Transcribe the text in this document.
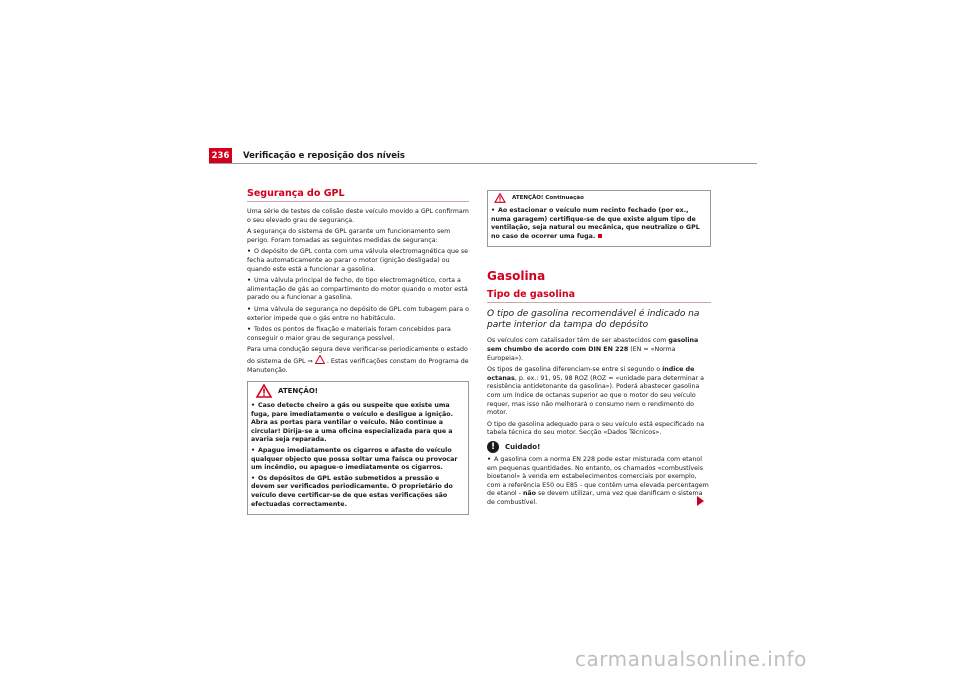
236	Verificação e reposição dos níveis
Segurança do GPL

Uma série de testes de colisão deste veículo movido a GPL confirmam o seu elevado grau de segurança.

A segurança do sistema de GPL garante um funcionamento sem perigo. Foram tomadas as seguintes medidas de segurança:

• O depósito de GPL conta com uma válvula electromagnética que se fecha automaticamente ao parar o motor (ignição desligada) ou quando este está a funcionar a gasolina.

• Uma válvula principal de fecho, do tipo electromagnético, corta a alimentação de gás ao compartimento do motor quando o motor está parado ou a funcionar a gasolina.

• Uma válvula de segurança no depósito de GPL com tubagem para o exterior impede que o gás entre no habitáculo.

• Todos os pontos de fixação e materiais foram concebidos para conseguir o maior grau de segurança possível.

Para uma condução segura deve verificar-se periodicamente o estado do sistema de GPL ⇒ . Estas verificações constam do Programa de Manutenção.

ATENÇÃO!

• Caso detecte cheiro a gás ou suspeite que existe uma fuga, pare imediatamente o veículo e desligue a ignição. Abra as portas para ventilar o veículo. Não continue a circular! Dirija-se a uma oficina especializada para que a avaria seja reparada.

• Apague imediatamente os cigarros e afaste do veículo qualquer objecto que possa soltar uma faísca ou provocar um incêndio, ou apague-o imediatamente os cigarros.

• Os depósitos de GPL estão submetidos a pressão e devem ser verificados periodicamente. O proprietário do veículo deve certificar-se de que estas verificações são efectuadas correctamente.

ATENÇÃO! Continuação

• Ao estacionar o veículo num recinto fechado (por ex., numa garagem) certifique-se de que existe algum tipo de ventilação, seja natural ou mecânica, que neutralize o GPL no caso de ocorrer uma fuga.

Gasolina
Tipo de gasolina
O tipo de gasolina recomendável é indicado na parte interior da tampa do depósito

Os veículos com catalisador têm de ser abastecidos com gasolina sem chumbo de acordo com DIN EN 228 (EN = «Norma Europeia»).

Os tipos de gasolina diferenciam-se entre si segundo o índice de octanas, p. ex.: 91, 95, 98 ROZ (ROZ = «unidade para determinar a resistência antidetonante da gasolina»). Poderá abastecer gasolina com um índice de octanas superior ao que o motor do seu veículo requer, mas isso não melhorará o consumo nem o rendimento do motor.

O tipo de gasolina adequado para o seu veículo está especificado na tabela técnica do seu motor. Secção «Dados Técnicos».

!	Cuidado!

• A gasolina com a norma EN 228 pode estar misturada com etanol em pequenas quantidades. No entanto, os chamados «combustíveis bioetanol» à venda em estabelecimentos comerciais por exemplo, com a referência E50 ou E85 - que contêm uma elevada percentagem de etanol - não se devem utilizar, uma vez que danificam o sistema de combustível.

carmanualsonline.info
